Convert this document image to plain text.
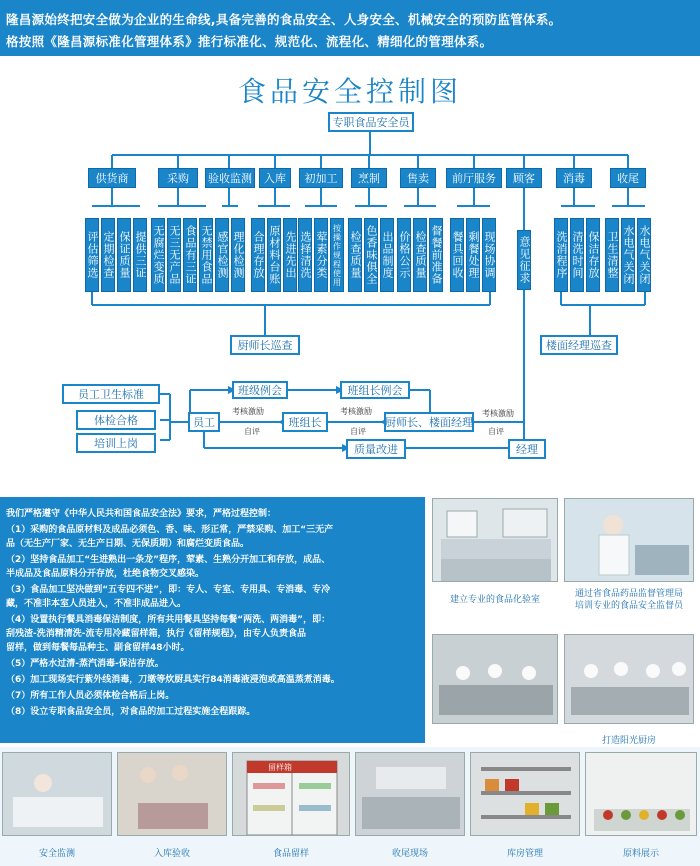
隆昌源始终把安全做为企业的生命线,具备完善的食品安全、人身安全、机械安全的预防监管体系。
格按照《隆昌源标准化管理体系》推行标准化、规范化、流程化、精细化的管理体系。
食品安全控制图
专职食品安全员
供货商	采购	验收监测	入库	初加工	烹制	售卖	前厅服务	顾客	消毒	收尾
评估筛选 定期检查 保证质量 提供三证 无腐烂变质 无三无产品 食品有三证 无禁用食品 感官检测 理化检测 合理存放 原材料台账 先进先出 选择清洗 荤素分类 按操作规程使用 检查质量 色香味俱全 出品制度 价格公示 检查质量 督餐前准备 餐具回收 剩餐处理 现场协调 意见征求 洗消程序 清洗时间 保洁存放 卫生清整 水电气关闭 水电气关闭
厨师长巡查	楼面经理巡查
员工卫生标准
体检合格
培训上岗
班级例会	班组长例会
员工	班组长	厨师长、楼面经理
经理
质量改进
考核激励
自评
考核激励
自评
考核激励
自评
我们严格遵守《中华人民共和国食品安全法》要求，严格过程控制：
（1）采购的食品原材料及成品必须色、香、味、形正常，严禁采购、加工“三无产
品（无生产厂家、无生产日期、无保质期）和腐烂变质食品。
（2）坚持食品加工“生进熟出一条龙”程序，荤素、生熟分开加工和存放，成品、
半成品及食品原料分开存放，杜绝食物交叉感染。
（3）食品加工坚决做到“五专四不进”，即：专人、专室、专用具、专消毒、专冷
藏，不准非本室人员进入，不准非成品进入。
（4）设置执行餐具消毒保洁制度，所有共用餐具坚持每餐“两洗、两消毒”，即：
刮残渣-洗消精清洗-流专用冷藏留样箱，执行《留样规程》，由专人负责食品
留样，做到每餐每品种主、副食留样48小时。
（5）严格水过清-蒸汽消毒-保洁存放。
（6）加工现场实行紫外线消毒，刀墩等炊厨具实行84消毒液浸泡或高温蒸煮消毒。
（7）所有工作人员必须体检合格后上岗。
（8）设立专职食品安全员，对食品的加工过程实施全程跟踪。
建立专业的食品化验室
通过省食品药品监督管理局
培训专业的食品安全监督员
打造阳光厨房
留样箱
安全监测	入库验收	食品留样	收尾现场	库房管理	原料展示
